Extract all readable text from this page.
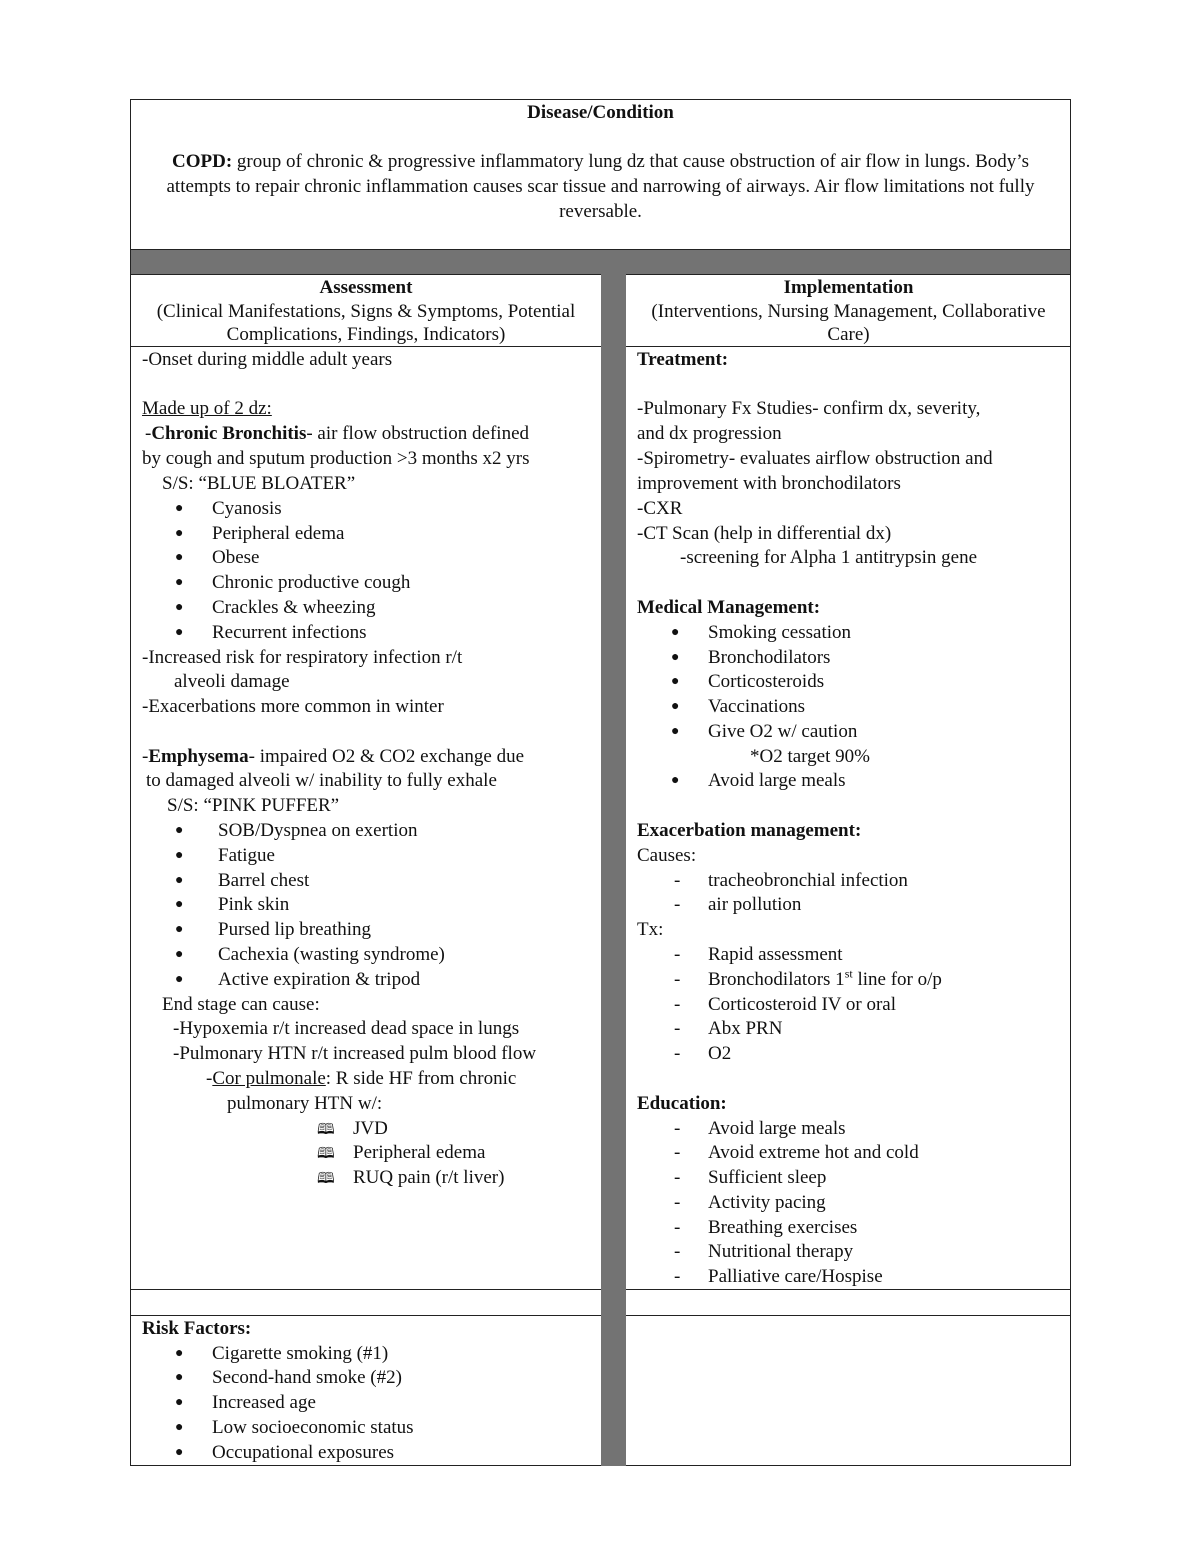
Disease/Condition
COPD: group of chronic & progressive inflammatory lung dz that cause obstruction of air flow in lungs. Body’s attempts to repair chronic inflammation causes scar tissue and narrowing of airways. Air flow limitations not fully reversable.
Assessment
(Clinical Manifestations, Signs & Symptoms, Potential Complications, Findings, Indicators)
Implementation
(Interventions, Nursing Management, Collaborative Care)
-Onset during middle adult years
Made up of 2 dz:
-Chronic Bronchitis- air flow obstruction defined
by cough and sputum production >3 months x2 yrs
S/S: “BLUE BLOATER”
● Cyanosis
● Peripheral edema
● Obese
● Chronic productive cough
● Crackles & wheezing
● Recurrent infections
-Increased risk for respiratory infection r/t
alveoli damage
-Exacerbations more common in winter
-Emphysema- impaired O2 & CO2 exchange due
to damaged alveoli w/ inability to fully exhale
S/S: “PINK PUFFER”
● SOB/Dyspnea on exertion
● Fatigue
● Barrel chest
● Pink skin
● Pursed lip breathing
● Cachexia (wasting syndrome)
● Active expiration & tripod
End stage can cause:
-Hypoxemia r/t increased dead space in lungs
-Pulmonary HTN r/t increased pulm blood flow
-Cor pulmonale: R side HF from chronic
pulmonary HTN w/:
🕮 JVD
🕮 Peripheral edema
🕮 RUQ pain (r/t liver)
Treatment:
-Pulmonary Fx Studies- confirm dx, severity,
and dx progression
-Spirometry- evaluates airflow obstruction and
improvement with bronchodilators
-CXR
-CT Scan (help in differential dx)
-screening for Alpha 1 antitrypsin gene
Medical Management:
● Smoking cessation
● Bronchodilators
● Corticosteroids
● Vaccinations
● Give O2 w/ caution
*O2 target 90%
● Avoid large meals
Exacerbation management:
Causes:
- tracheobronchial infection
- air pollution
Tx:
- Rapid assessment
- Bronchodilators 1st line for o/p
- Corticosteroid IV or oral
- Abx PRN
- O2
Education:
- Avoid large meals
- Avoid extreme hot and cold
- Sufficient sleep
- Activity pacing
- Breathing exercises
- Nutritional therapy
- Palliative care/Hospise
Risk Factors:
● Cigarette smoking (#1)
● Second-hand smoke (#2)
● Increased age
● Low socioeconomic status
● Occupational exposures
